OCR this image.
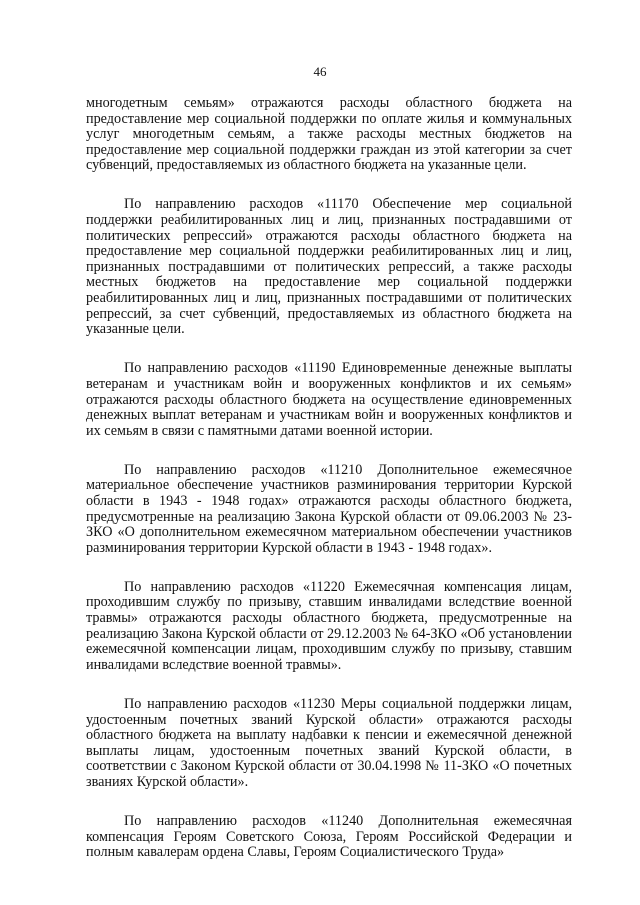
46

многодетным семьям» отражаются расходы областного бюджета на предоставление мер социальной поддержки по оплате жилья и коммунальных услуг многодетным семьям, а также расходы местных бюджетов на предоставление мер социальной поддержки граждан из этой категории за счет субвенций, предоставляемых из областного бюджета на указанные цели.

По направлению расходов «11170 Обеспечение мер социальной поддержки реабилитированных лиц и лиц, признанных пострадавшими от политических репрессий» отражаются расходы областного бюджета на предоставление мер социальной поддержки реабилитированных лиц и лиц, признанных пострадавшими от политических репрессий, а также расходы местных бюджетов на предоставление мер социальной поддержки реабилитированных лиц и лиц, признанных пострадавшими от политических репрессий, за счет субвенций, предоставляемых из областного бюджета на указанные цели.

По направлению расходов «11190 Единовременные денежные выплаты ветеранам и участникам войн и вооруженных конфликтов и их семьям» отражаются расходы областного бюджета на осуществление единовременных денежных выплат ветеранам и участникам войн и вооруженных конфликтов и их семьям в связи с памятными датами военной истории.

По направлению расходов «11210 Дополнительное ежемесячное материальное обеспечение участников разминирования территории Курской области в 1943 - 1948 годах» отражаются расходы областного бюджета, предусмотренные на реализацию Закона Курской области от 09.06.2003 № 23-ЗКО «О дополнительном ежемесячном материальном обеспечении участников разминирования территории Курской области в 1943 - 1948 годах».

По направлению расходов «11220 Ежемесячная компенсация лицам, проходившим службу по призыву, ставшим инвалидами вследствие военной травмы» отражаются расходы областного бюджета, предусмотренные на реализацию Закона Курской области от 29.12.2003 № 64-ЗКО «Об установлении ежемесячной компенсации лицам, проходившим службу по призыву, ставшим инвалидами вследствие военной травмы».

По направлению расходов «11230 Меры социальной поддержки лицам, удостоенным почетных званий Курской области» отражаются расходы областного бюджета на выплату надбавки к пенсии и ежемесячной денежной выплаты лицам, удостоенным почетных званий Курской области, в соответствии с Законом Курской области от 30.04.1998 № 11-ЗКО «О почетных званиях Курской области».

По направлению расходов «11240 Дополнительная ежемесячная компенсация Героям Советского Союза, Героям Российской Федерации и полным кавалерам ордена Славы, Героям Социалистического Труда»
